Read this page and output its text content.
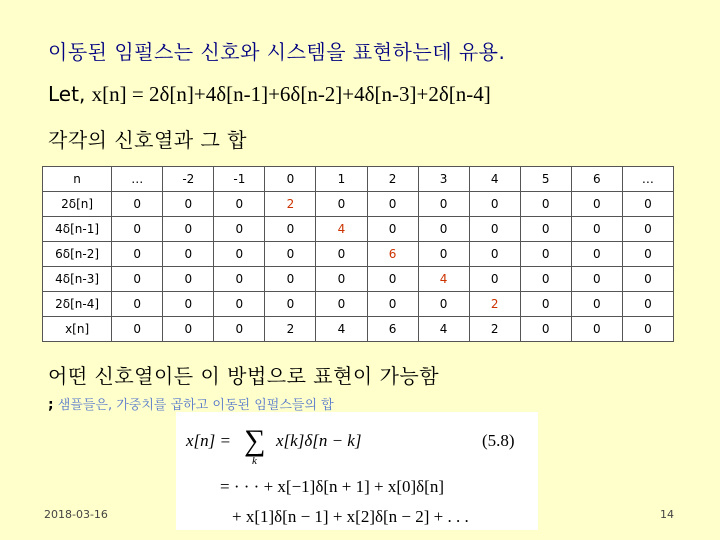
이동된 임펄스는 신호와 시스템을 표현하는데 유용.
Let, x[n] = 2δ[n]+4δ[n-1]+6δ[n-2]+4δ[n-3]+2δ[n-4]
각각의 신호열과 그 합
n	…	-2	-1	0	1	2	3	4	5	6	…
2δ[n]	0	0	0	2	0	0	0	0	0	0	0
4δ[n-1]	0	0	0	0	4	0	0	0	0	0	0
6δ[n-2]	0	0	0	0	0	6	0	0	0	0	0
4δ[n-3]	0	0	0	0	0	0	4	0	0	0	0
2δ[n-4]	0	0	0	0	0	0	0	2	0	0	0
x[n]	0	0	0	2	4	6	4	2	0	0	0
어떤 신호열이든 이 방법으로 표현이 가능함
; 샘플들은, 가중치를 곱하고 이동된 임펄스들의 합
x[n] = ∑
k
x[k]δ[n − k]	(5.8)
= · · · + x[−1]δ[n + 1] + x[0]δ[n]
+ x[1]δ[n − 1] + x[2]δ[n − 2] + . . .
2018-03-16	14
